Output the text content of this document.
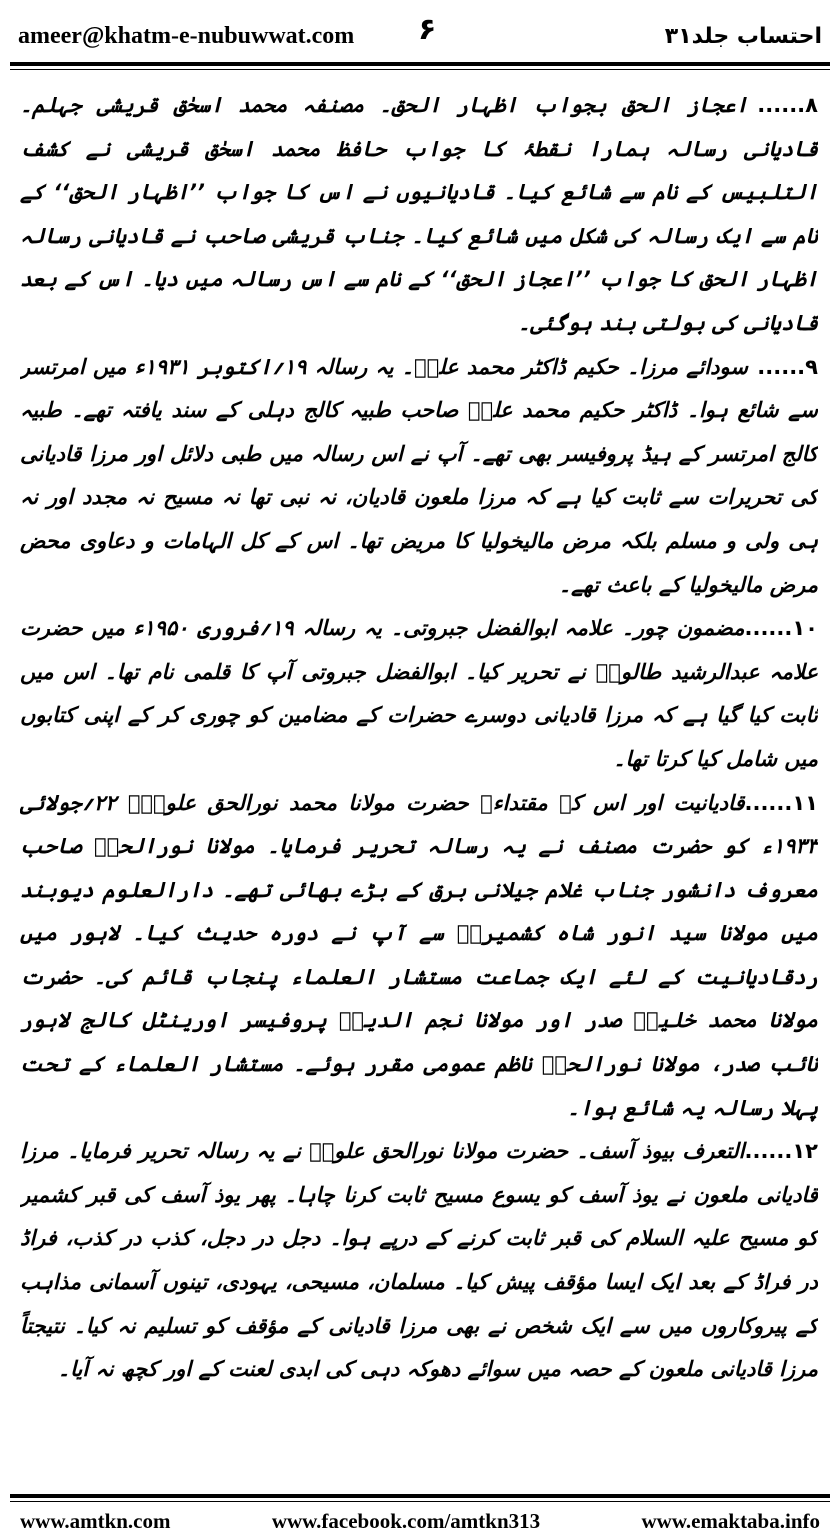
ameer@khatm-e-nubuwwat.com ۶	احتساب جلد۳۱

۸......اعجاز الحق بجواب اظہار الحق۔ مصنفہ محمد اسحٰق قریشی جہلم۔ قادیانی رسالہ ہمارا نقطۂ کا جواب حافظ محمد اسحٰق قریشی نے کشف التلبیس کے نام سے شائع کیا۔ قادیانیوں نے اس کا جواب ’’اظہار الحق‘‘ کے نام سے ایک رسالہ کی شکل میں شائع کیا۔ جناب قریشی صاحب نے قادیانی رسالہ اظہار الحق کا جواب ’’اعجاز الحق‘‘ کے نام سے اس رسالہ میں دیا۔ اس کے بعد قادیانی کی بولتی بند ہوگئی۔

۹......سودائے مرزا۔ حکیم ڈاکٹر محمد علیؒ۔ یہ رسالہ ۱۹؍اکتوبر ۱۹۳۱ء میں امرتسر سے شائع ہوا۔ ڈاکٹر حکیم محمد علیؒ صاحب طبیہ کالج دہلی کے سند یافتہ تھے۔ طبیہ کالج امرتسر کے ہیڈ پروفیسر بھی تھے۔ آپ نے اس رسالہ میں طبی دلائل اور مرزا قادیانی کی تحریرات سے ثابت کیا ہے کہ مرزا ملعون قادیان، نہ نبی تھا نہ مسیح نہ مجدد اور نہ ہی ولی و مسلم بلکہ مرض مالیخولیا کا مریض تھا۔ اس کے کل الہامات و دعاوی محض مرض مالیخولیا کے باعث تھے۔

۱۰......مضمون چور۔ علامہ ابوالفضل جبروتی۔ یہ رسالہ ۱۹؍فروری ۱۹۵۰ء میں حضرت علامہ عبدالرشید طالوتؒ نے تحریر کیا۔ ابوالفضل جبروتی آپ کا قلمی نام تھا۔ اس میں ثابت کیا گیا ہے کہ مرزا قادیانی دوسرے حضرات کے مضامین کو چوری کر کے اپنی کتابوں میں شامل کیا کرتا تھا۔

۱۱......قادیانیت اور اس کے مقتداء۔ حضرت مولانا محمد نورالحق علویؒ۔ ۲۲؍جولائی ۱۹۳۳ء کو حضرت مصنف نے یہ رسالہ تحریر فرمایا۔ مولانا نورالحقؒ صاحب معروف دانشور جناب غلام جیلانی برق کے بڑے بھائی تھے۔ دارالعلوم دیوبند میں مولانا سید انور شاہ کشمیریؒ سے آپ نے دورہ حدیث کیا۔ لاہور میں ردقادیانیت کے لئے ایک جماعت مستشار العلماء پنجاب قائم کی۔ حضرت مولانا محمد خلیلؒ صدر اور مولانا نجم الدینؒ پروفیسر اورینٹل کالج لاہور نائب صدر، مولانا نورالحقؒ ناظم عمومی مقرر ہوئے۔ مستشار العلماء کے تحت پہلا رسالہ یہ شائع ہوا۔

۱۲......التعرف بیوذ آسف۔ حضرت مولانا نورالحق علویؒ نے یہ رسالہ تحریر فرمایا۔ مرزا قادیانی ملعون نے یوذ آسف کو یسوع مسیح ثابت کرنا چاہا۔ پھر یوذ آسف کی قبر کشمیر کو مسیح علیہ السلام کی قبر ثابت کرنے کے درپے ہوا۔ دجل در دجل، کذب در کذب، فراڈ در فراڈ کے بعد ایک ایسا مؤقف پیش کیا۔ مسلمان، مسیحی، یہودی، تینوں آسمانی مذاہب کے پیروکاروں میں سے ایک شخص نے بھی مرزا قادیانی کے مؤقف کو تسلیم نہ کیا۔ نتیجتاً مرزا قادیانی ملعون کے حصہ میں سوائے دھوکہ دہی کی ابدی لعنت کے اور کچھ نہ آیا۔

www.amtkn.com	www.facebook.com/amtkn313	www.emaktaba.info
